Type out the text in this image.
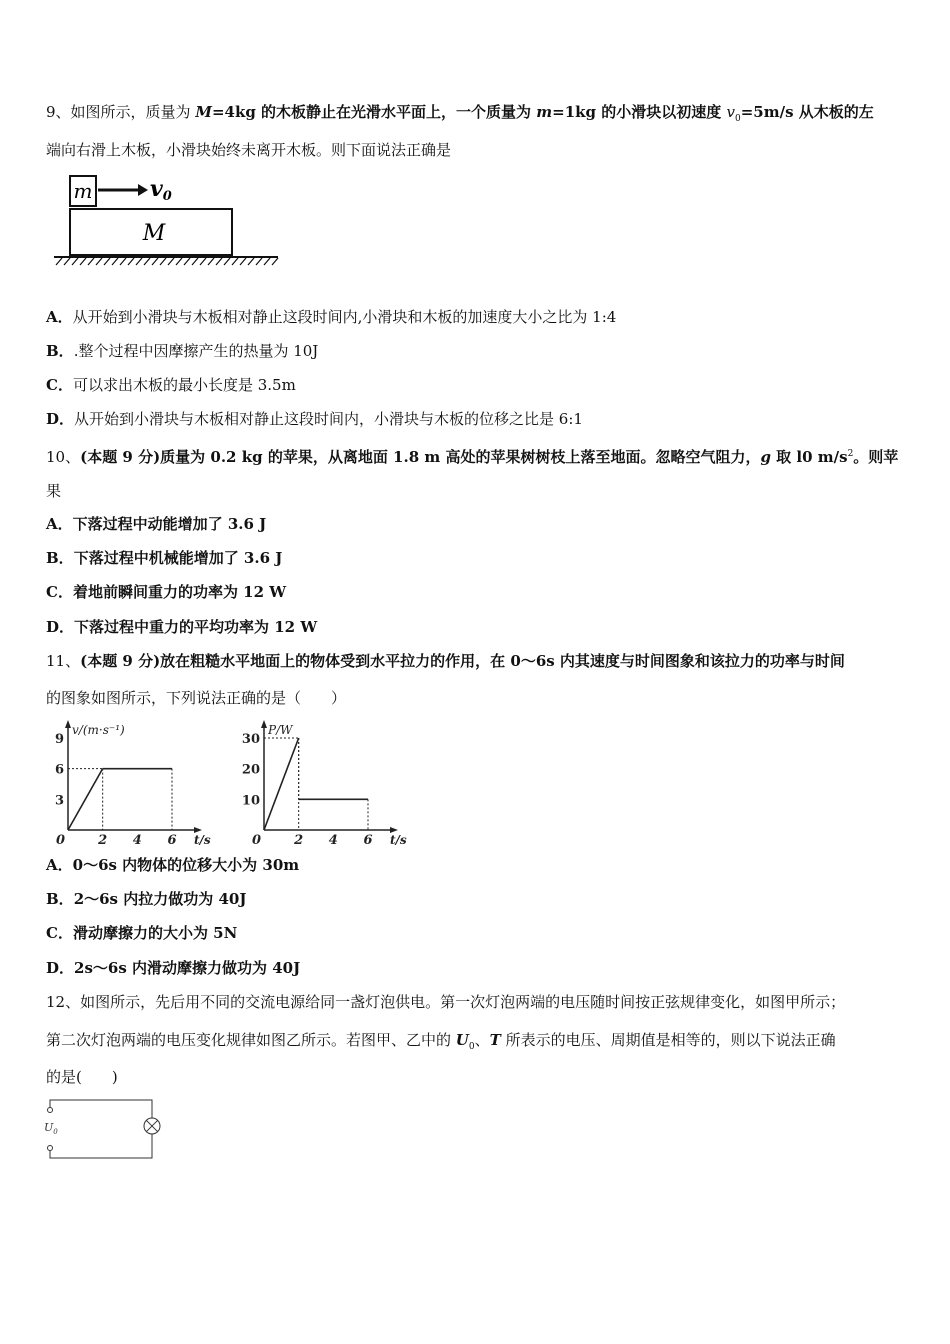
9、如图所示，质量为 M=4kg 的木板静止在光滑水平面上，一个质量为 m=1kg 的小滑块以初速度 $v_0=5m/s$ 从木板的左
端向右滑上木板，小滑块始终未离开木板。则下面说法正确是
m	v0
M
A．从开始到小滑块与木板相对静止这段时间内,小滑块和木板的加速度大小之比为 1:4
B．.整个过程中因摩擦产生的热量为 10J
C．可以求出木板的最小长度是 3.5m
D．从开始到小滑块与木板相对静止这段时间内，小滑块与木板的位移之比是 6:1
10、(本题 9 分)质量为 0.2 kg 的苹果，从离地面 1.8 m 高处的苹果树树枝上落至地面。忽略空气阻力，g 取 l0 $m/s^2$。则苹
果
A．下落过程中动能增加了 3.6 J
B．下落过程中机械能增加了 3.6 J
C．着地前瞬间重力的功率为 12 W
D．下落过程中重力的平均功率为 12 W
11、(本题 9 分)放在粗糙水平地面上的物体受到水平拉力的作用，在 0～6s 内其速度与时间图象和该拉力的功率与时间
的图象如图所示，下列说法正确的是（　　）
v/(m·s⁻¹)
t/s
0	2 4 6
3
6
9
P/W
t/s
0	2 4 6
10
20
30
A．0～6s 内物体的位移大小为 30m
B．2～6s 内拉力做功为 40J
C．滑动摩擦力的大小为 5N
D．2s～6s 内滑动摩擦力做功为 40J
12、如图所示，先后用不同的交流电源给同一盏灯泡供电。第一次灯泡两端的电压随时间按正弦规律变化，如图甲所示；
第二次灯泡两端的电压变化规律如图乙所示。若图甲、乙中的 $U_0$、T 所表示的电压、周期值是相等的，则以下说法正确
的是(　　)
$U_0$
